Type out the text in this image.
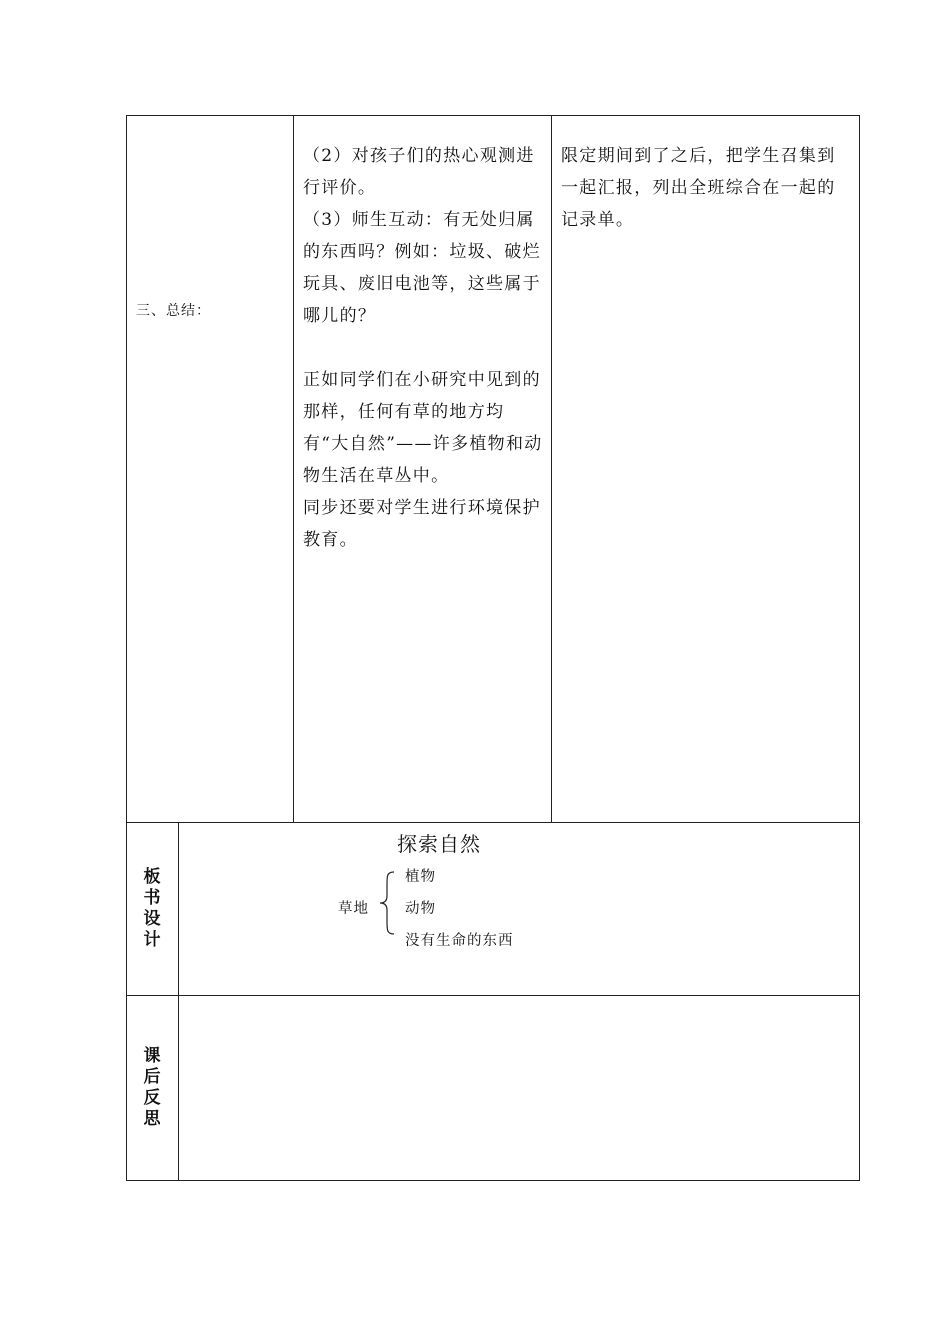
三、总结：
（2）对孩子们的热心观测进行评价。
（3）师生互动：有无处归属的东西吗？例如：垃圾、破烂玩具、废旧电池等，这些属于哪儿的？
正如同学们在小研究中见到的那样，任何有草的地方均有“大自然”——许多植物和动物生活在草丛中。
同步还要对学生进行环境保护教育。
限定期间到了之后，把学生召集到一起汇报，列出全班综合在一起的记录单。
板书设计
探索自然
草地
植物
动物
没有生命的东西
课后反思
